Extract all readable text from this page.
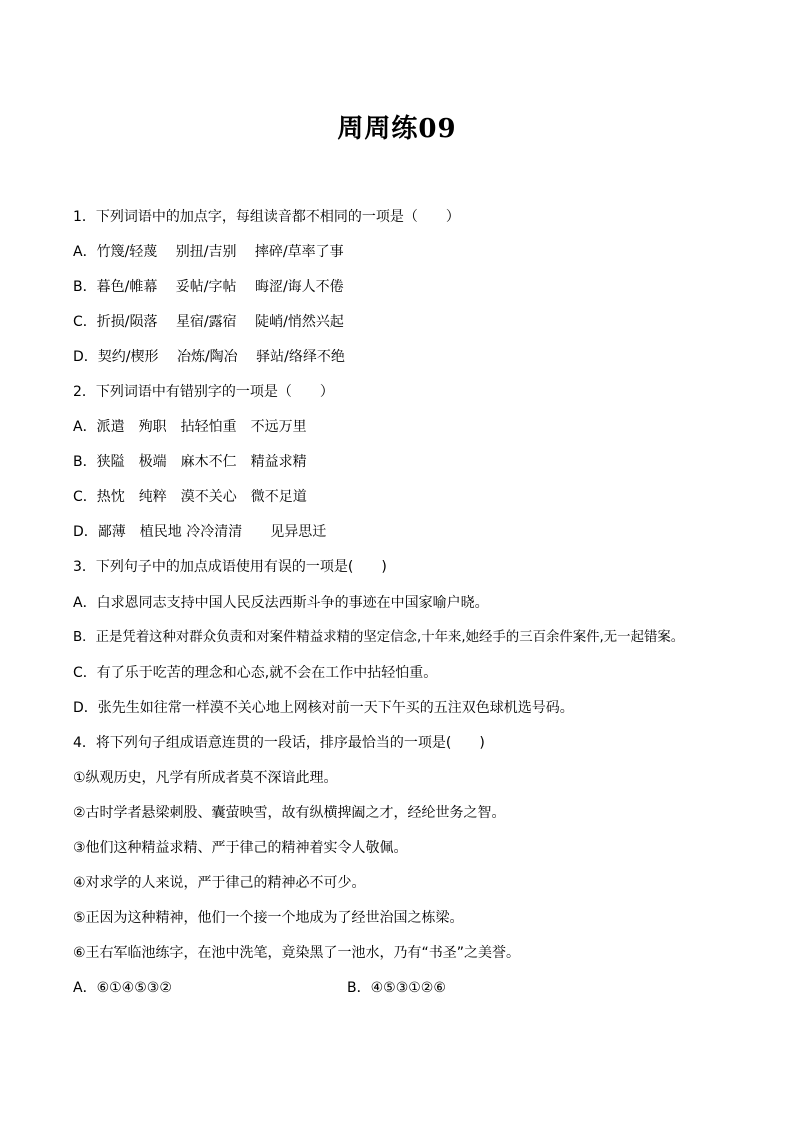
周周练09
1．下列词语中的加点字，每组读音都不相同的一项是（　　）
A．竹篾/轻蔑　 别扭/吉别　 摔碎/草率了事
B．暮色/帷幕　 妥帖/字帖　 晦涩/诲人不倦
C．折损/陨落　 星宿/露宿　 陡峭/悄然兴起
D．契约/楔形　 冶炼/陶冶　 驿站/络绎不绝
2．下列词语中有错别字的一项是（　　）
A．派遣　殉职　拈轻怕重　不远万里
B．狭隘　极端　麻木不仁　精益求精
C．热忱　纯粹　漠不关心　微不足道
D．鄙薄　植民地 冷冷清清　　见异思迁
3．下列句子中的加点成语使用有误的一项是(　　)
A．白求恩同志支持中国人民反法西斯斗争的事迹在中国家喻户晓。
B．正是凭着这种对群众负责和对案件精益求精的坚定信念,十年来,她经手的三百余件案件,无一起错案。
C．有了乐于吃苦的理念和心态,就不会在工作中拈轻怕重。
D．张先生如往常一样漠不关心地上网核对前一天下午买的五注双色球机选号码。
4．将下列句子组成语意连贯的一段话，排序最恰当的一项是(　　)
①纵观历史，凡学有所成者莫不深谙此理。
②古时学者悬梁刺股、囊萤映雪，故有纵横捭阖之才，经纶世务之智。
③他们这种精益求精、严于律己的精神着实令人敬佩。
④对求学的人来说，严于律己的精神必不可少。
⑤正因为这种精神，他们一个接一个地成为了经世治国之栋梁。
⑥王右军临池练字，在池中洗笔，竟染黑了一池水，乃有“书圣”之美誉。
A．⑥①④⑤③②	B．④⑤③①②⑥
